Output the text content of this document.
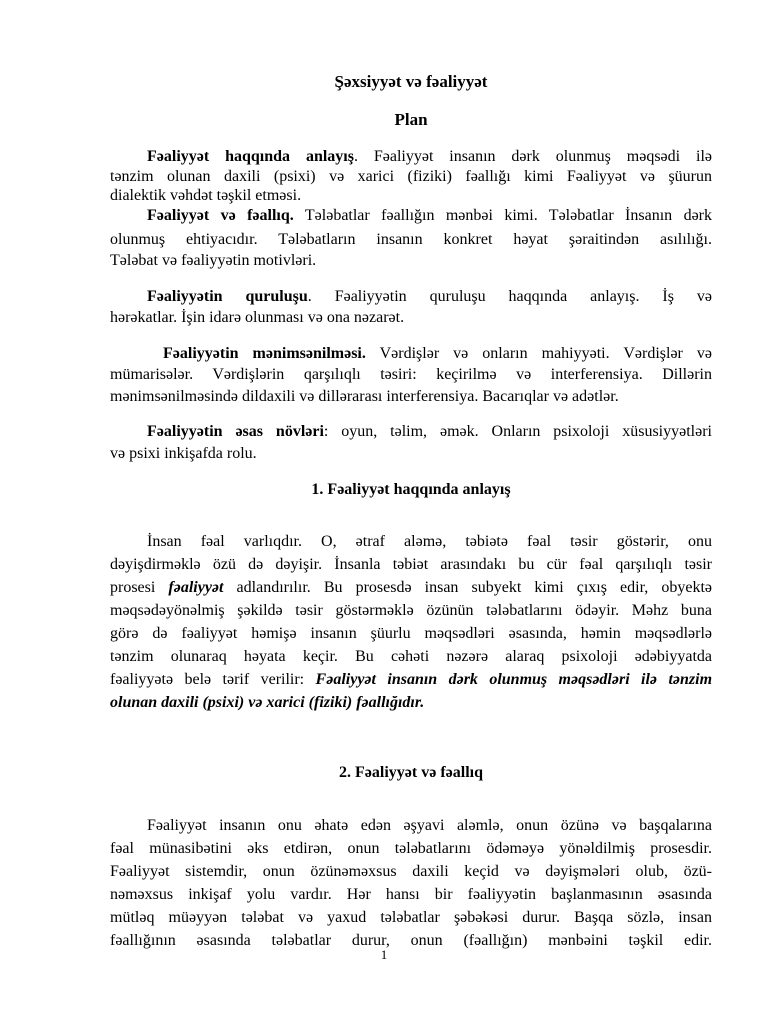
Şəxsiyyət və fəaliyyət
Plan
Fəaliyyət haqqında anlayış. Fəaliyyət insanın dərk olunmuş məqsədi ilə
tənzim olunan daxili (psixi) və xarici (fiziki) fəallığı kimi Fəaliyyət və şüurun
dialektik vəhdət təşkil etməsi.
Fəaliyyət və fəallıq. Tələbatlar fəallığın mənbəi kimi. Tələbatlar İnsanın dərk
olunmuş ehtiyacıdır. Tələbatların insanın konkret həyat şəraitindən asılılığı.
Tələbat və fəaliyyətin motivləri.
Fəaliyyətin quruluşu. Fəaliyyətin quruluşu haqqında anlayış. İş və
hərəkatlar. İşin idarə olunması və ona nəzarət.
Fəaliyyətin mənimsənilməsi. Vərdişlər və onların mahiyyəti. Vərdişlər və
mümarisələr. Vərdişlərin qarşılıqlı təsiri: keçirilmə və interferensiya. Dillərin
mənimsənilməsində dildaxili və dillərarası interferensiya. Bacarıqlar və adətlər.
Fəaliyyətin əsas növləri: oyun, təlim, əmək. Onların psixoloji xüsusiyyətləri
və psixi inkişafda rolu.
1. Fəaliyyət haqqında anlayış
İnsan fəal varlıqdır. O, ətraf aləmə, təbiətə fəal təsir göstərir, onu
dəyişdirməklə özü də dəyişir. İnsanla təbiət arasındakı bu cür fəal qarşılıqlı təsir
prosesi fəaliyyət adlandırılır. Bu prosesdə insan subyekt kimi çıxış edir, obyektə
məqsədəyönəlmiş şəkildə təsir göstərməklə özünün tələbatlarını ödəyir. Məhz buna
görə də fəaliyyət həmişə insanın şüurlu məqsədləri əsasında, həmin məqsədlərlə
tənzim olunaraq həyata keçir. Bu cəhəti nəzərə alaraq psixoloji ədəbiyyatda
fəaliyyətə belə tərif verilir: Fəaliyyət insanın dərk olunmuş məqsədləri ilə tənzim
olunan daxili (psixi) və xarici (fiziki) fəallığıdır.
2. Fəaliyyət və fəallıq
Fəaliyyət insanın onu əhatə edən əşyavi aləmlə, onun özünə və başqalarına
fəal münasibətini əks etdirən, onun tələbatlarını ödəməyə yönəldilmiş prosesdir.
Fəaliyyət sistemdir, onun özünəməxsus daxili keçid və dəyişmələri olub, özü-
nəməxsus inkişaf yolu vardır. Hər hansı bir fəaliyyətin başlanmasının əsasında
mütləq müəyyən tələbat və yaxud tələbatlar şəbəkəsi durur. Başqa sözlə, insan
fəallığının əsasında tələbatlar durur, onun (fəallığın) mənbəini təşkil edir.
1
